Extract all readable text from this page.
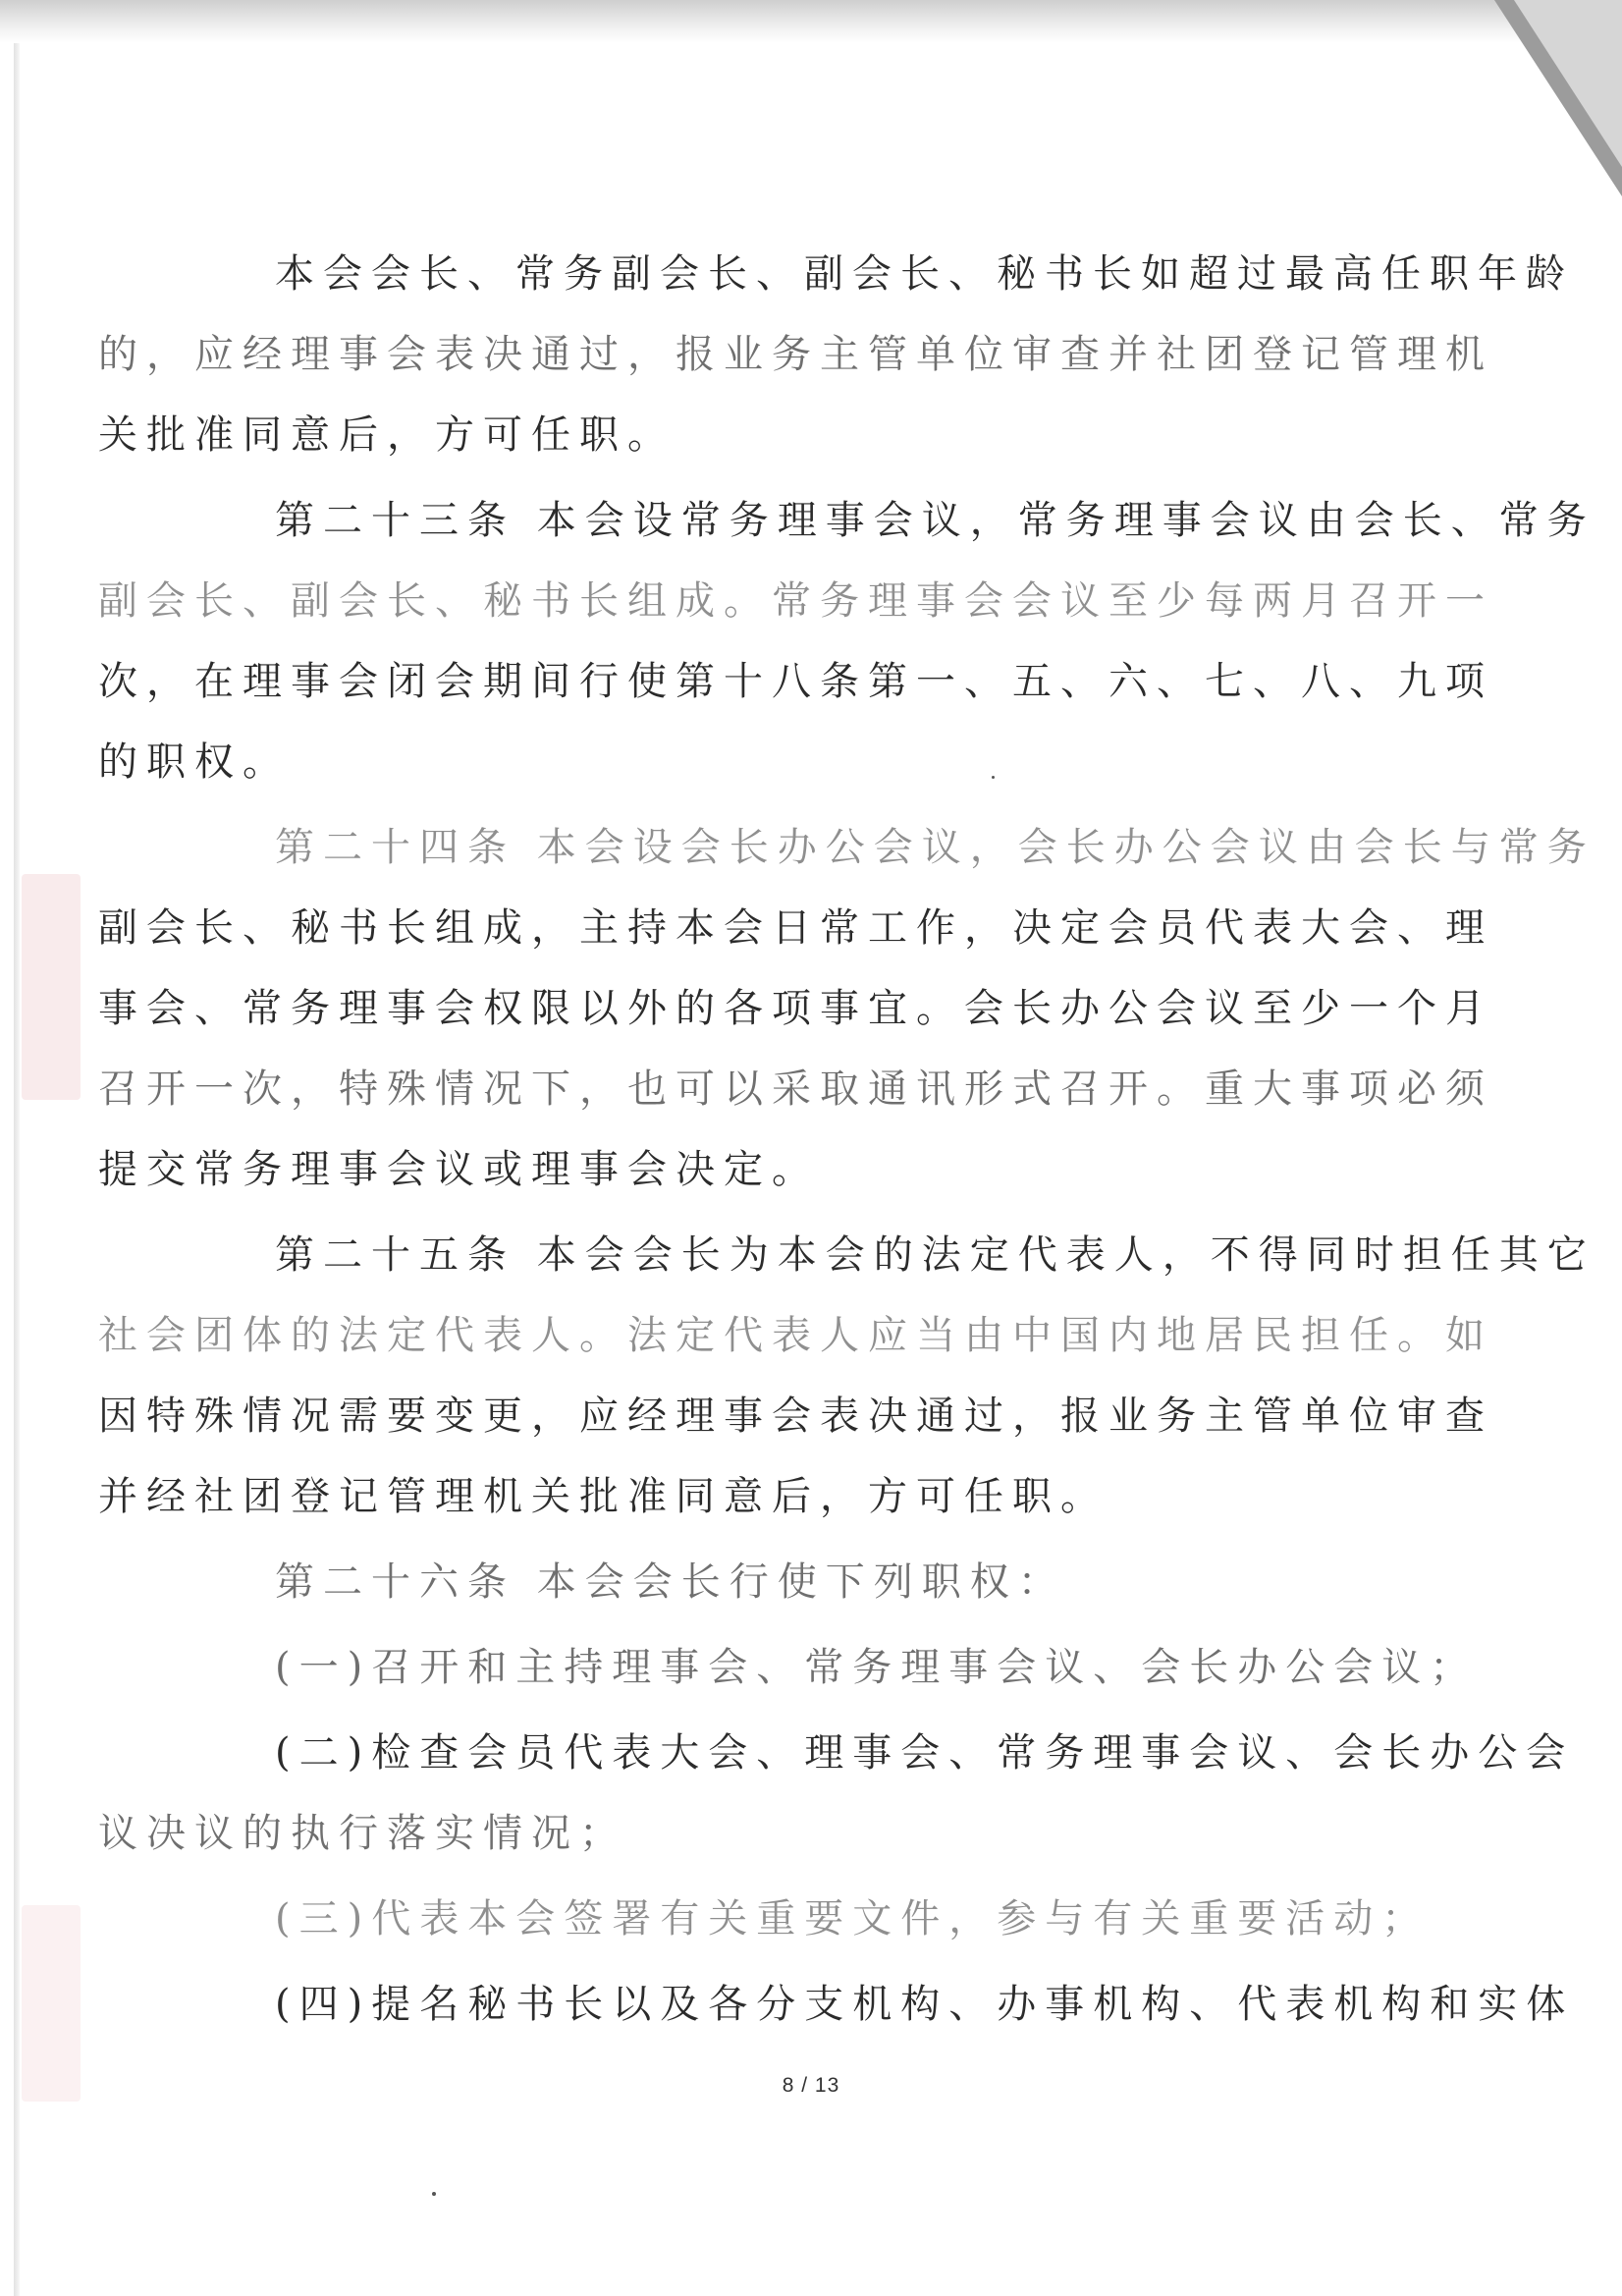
本会会长、常务副会长、副会长、秘书长如超过最高任职年龄
的，应经理事会表决通过，报业务主管单位审查并社团登记管理机
关批准同意后，方可任职。

第二十三条 本会设常务理事会议，常务理事会议由会长、常务
副会长、副会长、秘书长组成。常务理事会会议至少每两月召开一
次，在理事会闭会期间行使第十八条第一、五、六、七、八、九项
的职权。

第二十四条 本会设会长办公会议，会长办公会议由会长与常务
副会长、秘书长组成，主持本会日常工作，决定会员代表大会、理
事会、常务理事会权限以外的各项事宜。会长办公会议至少一个月
召开一次，特殊情况下，也可以采取通讯形式召开。重大事项必须
提交常务理事会议或理事会决定。

第二十五条 本会会长为本会的法定代表人，不得同时担任其它
社会团体的法定代表人。法定代表人应当由中国内地居民担任。如
因特殊情况需要变更，应经理事会表决通过，报业务主管单位审查
并经社团登记管理机关批准同意后，方可任职。

第二十六条 本会会长行使下列职权：

(一)召开和主持理事会、常务理事会议、会长办公会议；

(二)检查会员代表大会、理事会、常务理事会议、会长办公会
议决议的执行落实情况；

(三)代表本会签署有关重要文件，参与有关重要活动；

(四)提名秘书长以及各分支机构、办事机构、代表机构和实体

8 / 13
